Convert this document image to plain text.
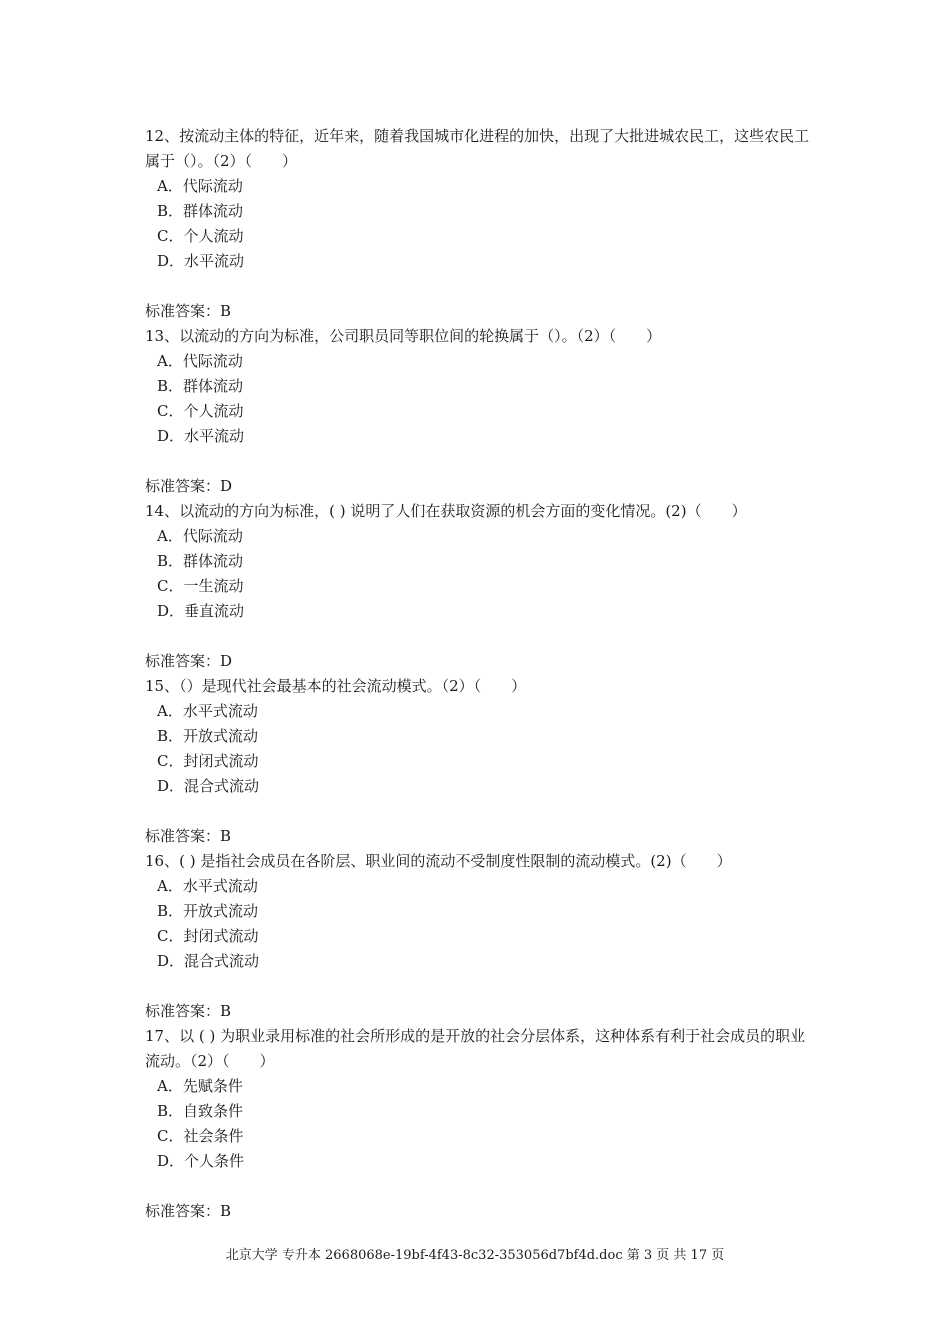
12、按流动主体的特征，近年来，随着我国城市化进程的加快，出现了大批进城农民工，这些农民工属于（）。（2）（　　）

A．代际流动

B．群体流动

C．个人流动

D．水平流动

标准答案：B

13、以流动的方向为标准，公司职员同等职位间的轮换属于（）。（2）（　　）

A．代际流动

B．群体流动

C．个人流动

D．水平流动

标准答案：D

14、以流动的方向为标准，( ) 说明了人们在获取资源的机会方面的变化情况。(2)（　　）

A．代际流动

B．群体流动

C．一生流动

D．垂直流动

标准答案：D

15、（）是现代社会最基本的社会流动模式。（2）（　　）

A．水平式流动

B．开放式流动

C．封闭式流动

D．混合式流动

标准答案：B

16、( ) 是指社会成员在各阶层、职业间的流动不受制度性限制的流动模式。(2)（　　）

A．水平式流动

B．开放式流动

C．封闭式流动

D．混合式流动

标准答案：B

17、以 ( ) 为职业录用标准的社会所形成的是开放的社会分层体系，这种体系有利于社会成员的职业流动。（2）（　　）

A．先赋条件

B．自致条件

C．社会条件

D．个人条件

标准答案：B

北京大学 专升本 2668068e-19bf-4f43-8c32-353056d7bf4d.doc 第 3 页 共 17 页
